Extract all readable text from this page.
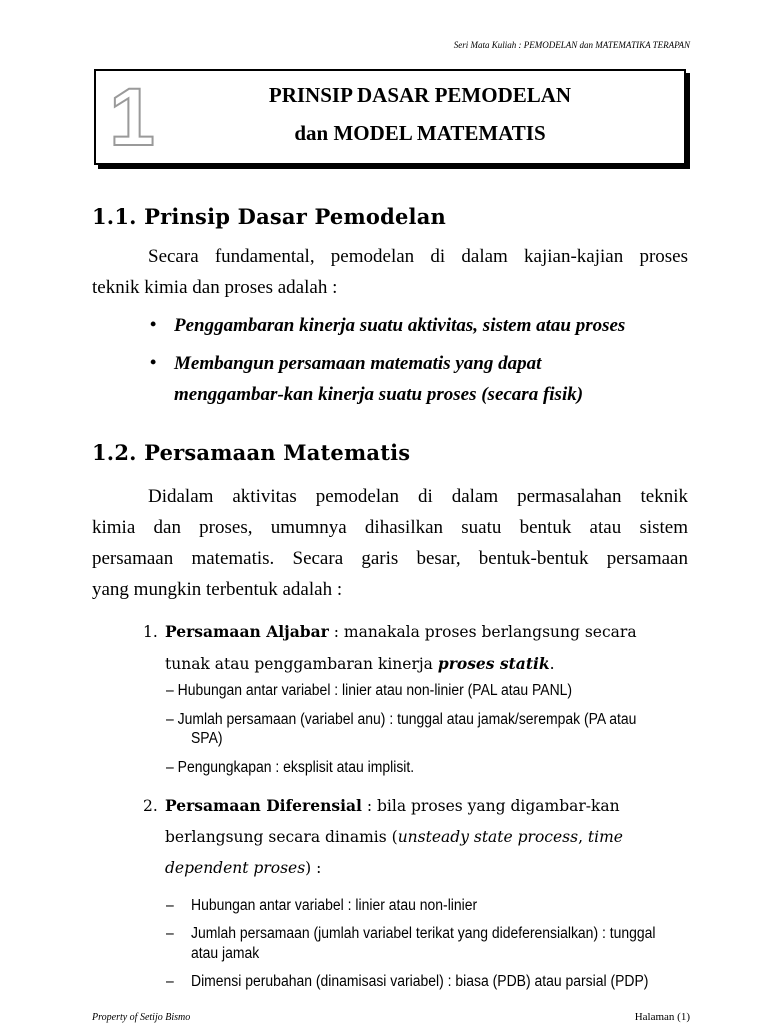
Seri Mata Kuliah : PEMODELAN dan MATEMATIKA TERAPAN
1	PRINSIP DASAR PEMODELAN
dan MODEL MATEMATIS
1.1. Prinsip Dasar Pemodelan
Secara fundamental, pemodelan di dalam kajian-kajian proses
teknik kimia dan proses adalah :
• Penggambaran kinerja suatu aktivitas, sistem atau proses
• Membangun persamaan matematis yang dapat
menggambar-kan kinerja suatu proses (secara fisik)
1.2. Persamaan Matematis
Didalam aktivitas pemodelan di dalam permasalahan teknik
kimia dan proses, umumnya dihasilkan suatu bentuk atau sistem
persamaan matematis. Secara garis besar, bentuk-bentuk persamaan
yang mungkin terbentuk adalah :
1. Persamaan Aljabar : manakala proses berlangsung secara
tunak atau penggambaran kinerja proses statik.
– Hubungan antar variabel : linier atau non-linier (PAL atau PANL)
– Jumlah persamaan (variabel anu) : tunggal atau jamak/serempak (PA atau
SPA)
– Pengungkapan : eksplisit atau implisit.
2. Persamaan Diferensial : bila proses yang digambar-kan
berlangsung secara dinamis (unsteady state process, time
dependent proses) :
– Hubungan antar variabel : linier atau non-linier
– Jumlah persamaan (jumlah variabel terikat yang dideferensialkan) : tunggal
atau jamak
– Dimensi perubahan (dinamisasi variabel) : biasa (PDB) atau parsial (PDP)
Property of Setijo Bismo	Halaman (1)
